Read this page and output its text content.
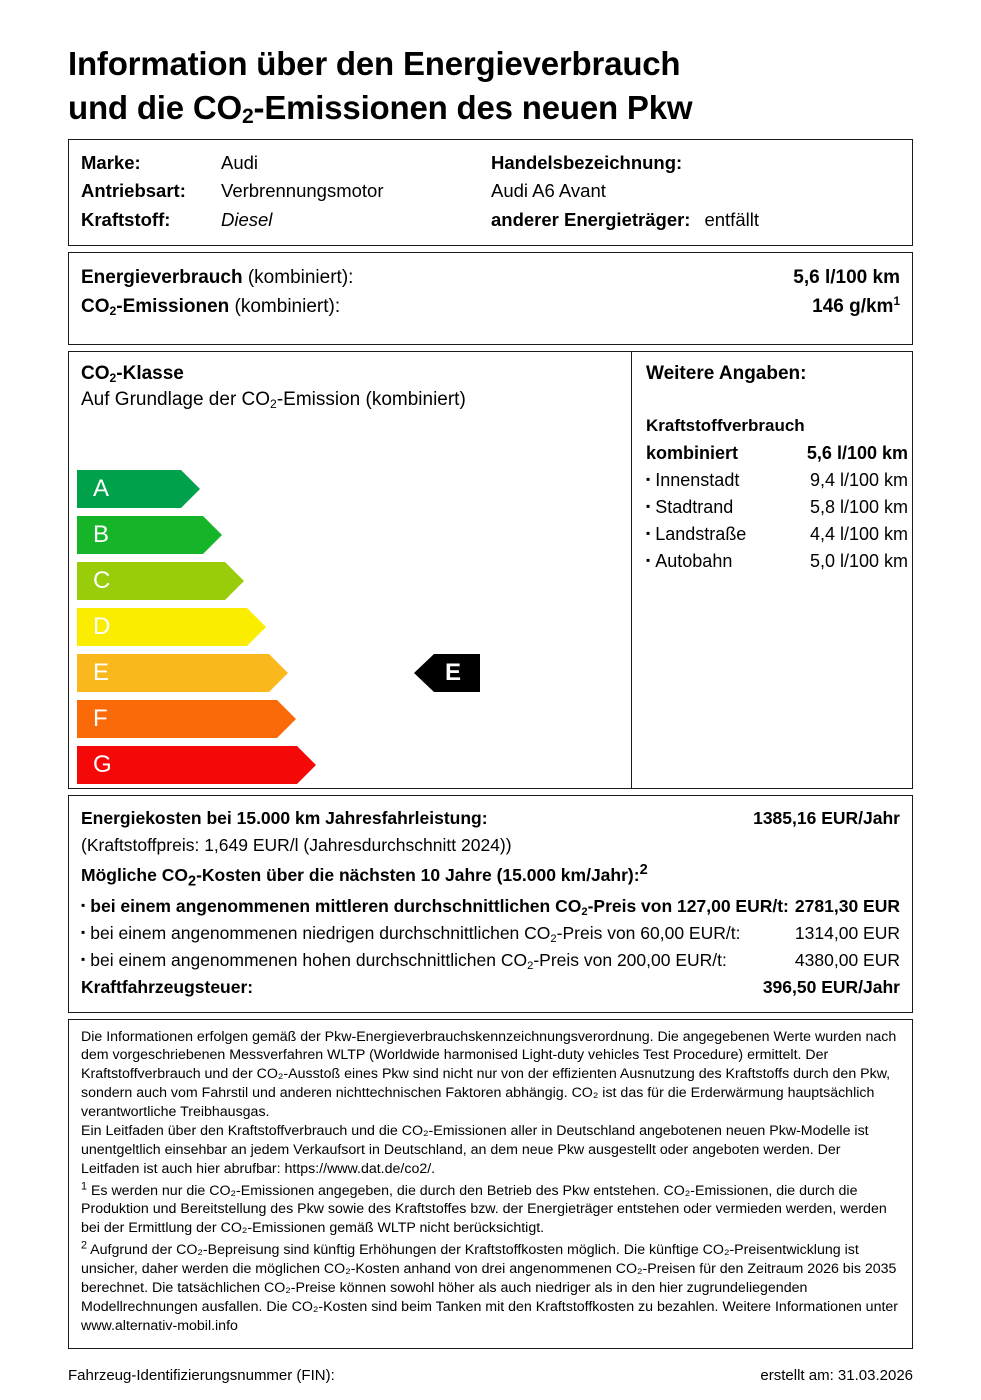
Information über den Energieverbrauch
und die $CO_2$-Emissionen des neuen Pkw
Marke:	Audi
Antriebsart:	Verbrennungsmotor
Kraftstoff:	Diesel
Handelsbezeichnung:
Audi A6 Avant
anderer Energieträger: entfällt
Energieverbrauch (kombiniert):	5,6 l/100 km
$CO_2$-Emissionen (kombiniert):	146 $g/km^1$
$CO_2$-Klasse
Auf Grundlage der $CO_2$-Emission (kombiniert)
A
B
C
D
E	E
F
G
Weitere Angaben:
Kraftstoffverbrauch
kombiniert	5,6 l/100 km
▪ Innenstadt	9,4 l/100 km
▪ Stadtrand	5,8 l/100 km
▪ Landstraße	4,4 l/100 km
▪ Autobahn	5,0 l/100 km
Energiekosten bei 15.000 km Jahresfahrleistung:	1385,16 EUR/Jahr
(Kraftstoffpreis: 1,649 EUR/l (Jahresdurchschnitt 2024))
Mögliche $CO_2$-Kosten über die nächsten 10 Jahre (15.000 km/Jahr):$^2$
▪ bei einem angenommenen mittleren durchschnittlichen $CO_2$-Preis von 127,00 EUR/t: 2781,30 EUR
▪ bei einem angenommenen niedrigen durchschnittlichen $CO_2$-Preis von 60,00 EUR/t:	1314,00 EUR
▪ bei einem angenommenen hohen durchschnittlichen $CO_2$-Preis von 200,00 EUR/t:	4380,00 EUR
Kraftfahrzeugsteuer:	396,50 EUR/Jahr

Die Informationen erfolgen gemäß der Pkw-Energieverbrauchskennzeichnungsverordnung. Die angegebenen Werte wurden nach dem vorgeschriebenen Messverfahren WLTP (Worldwide harmonised Light-duty vehicles Test Procedure) ermittelt. Der Kraftstoffverbrauch und der CO₂-Ausstoß eines Pkw sind nicht nur von der effizienten Ausnutzung des Kraftstoffs durch den Pkw, sondern auch vom Fahrstil und anderen nichttechnischen Faktoren abhängig. CO₂ ist das für die Erderwärmung hauptsächlich verantwortliche Treibhausgas.

Ein Leitfaden über den Kraftstoffverbrauch und die CO₂-Emissionen aller in Deutschland angebotenen neuen Pkw-Modelle ist unentgeltlich einsehbar an jedem Verkaufsort in Deutschland, an dem neue Pkw ausgestellt oder angeboten werden. Der Leitfaden ist auch hier abrufbar: https://www.dat.de/co2/.

$^1$ Es werden nur die CO₂-Emissionen angegeben, die durch den Betrieb des Pkw entstehen. CO₂-Emissionen, die durch die Produktion und Bereitstellung des Pkw sowie des Kraftstoffes bzw. der Energieträger entstehen oder vermieden werden, werden bei der Ermittlung der CO₂-Emissionen gemäß WLTP nicht berücksichtigt.

$^2$ Aufgrund der CO₂-Bepreisung sind künftig Erhöhungen der Kraftstoffkosten möglich. Die künftige CO₂-Preisentwicklung ist unsicher, daher werden die möglichen CO₂-Kosten anhand von drei angenommenen CO₂-Preisen für den Zeitraum 2026 bis 2035 berechnet. Die tatsächlichen CO₂-Preise können sowohl höher als auch niedriger als in den hier zugrundeliegenden Modellrechnungen ausfallen. Die CO₂-Kosten sind beim Tanken mit den Kraftstoffkosten zu bezahlen. Weitere Informationen unter www.alternativ-mobil.info

Fahrzeug-Identifizierungsnummer (FIN):	erstellt am: 31.03.2026
